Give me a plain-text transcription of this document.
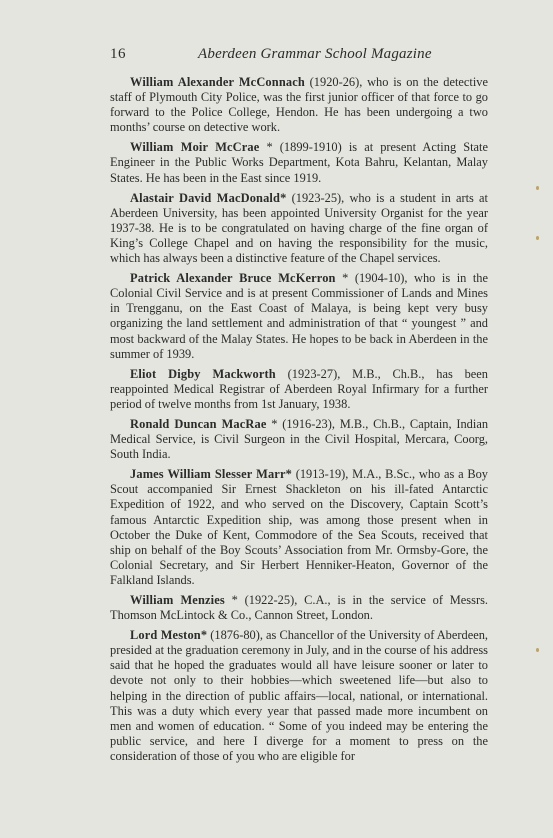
16	Aberdeen Grammar School Magazine

William Alexander McConnach (1920-26), who is on the detective staff of Plymouth City Police, was the first junior officer of that force to go forward to the Police College, Hendon. He has been undergoing a two months’ course on detective work.

William Moir McCrae * (1899-1910) is at present Acting State Engineer in the Public Works Department, Kota Bahru, Kelantan, Malay States. He has been in the East since 1919.

Alastair David MacDonald* (1923-25), who is a student in arts at Aberdeen University, has been appointed University Organist for the year 1937-38. He is to be congratulated on having charge of the fine organ of King’s College Chapel and on having the responsibility for the music, which has always been a distinctive feature of the Chapel services.

Patrick Alexander Bruce McKerron * (1904-10), who is in the Colonial Civil Service and is at present Commissioner of Lands and Mines in Trengganu, on the East Coast of Malaya, is being kept very busy organizing the land settlement and administration of that “ youngest ” and most backward of the Malay States. He hopes to be back in Aberdeen in the summer of 1939.

Eliot Digby Mackworth (1923-27), M.B., Ch.B., has been reappointed Medical Registrar of Aberdeen Royal Infirmary for a further period of twelve months from 1st January, 1938.

Ronald Duncan MacRae * (1916-23), M.B., Ch.B., Captain, Indian Medical Service, is Civil Surgeon in the Civil Hospital, Mercara, Coorg, South India.

James William Slesser Marr* (1913-19), M.A., B.Sc., who as a Boy Scout accompanied Sir Ernest Shackleton on his ill-fated Antarctic Expedition of 1922, and who served on the Discovery, Captain Scott’s famous Antarctic Expedition ship, was among those present when in October the Duke of Kent, Commodore of the Sea Scouts, received that ship on behalf of the Boy Scouts’ Association from Mr. Ormsby-Gore, the Colonial Secretary, and Sir Herbert Henniker-Heaton, Governor of the Falkland Islands.

William Menzies * (1922-25), C.A., is in the service of Messrs. Thomson McLintock & Co., Cannon Street, London.

Lord Meston* (1876-80), as Chancellor of the University of Aberdeen, presided at the graduation ceremony in July, and in the course of his address said that he hoped the graduates would all have leisure sooner or later to devote not only to their hobbies—which sweetened life—but also to helping in the direction of public affairs—local, national, or international. This was a duty which every year that passed made more incumbent on men and women of education. “ Some of you indeed may be entering the public service, and here I diverge for a moment to press on the consideration of those of you who are eligible for
